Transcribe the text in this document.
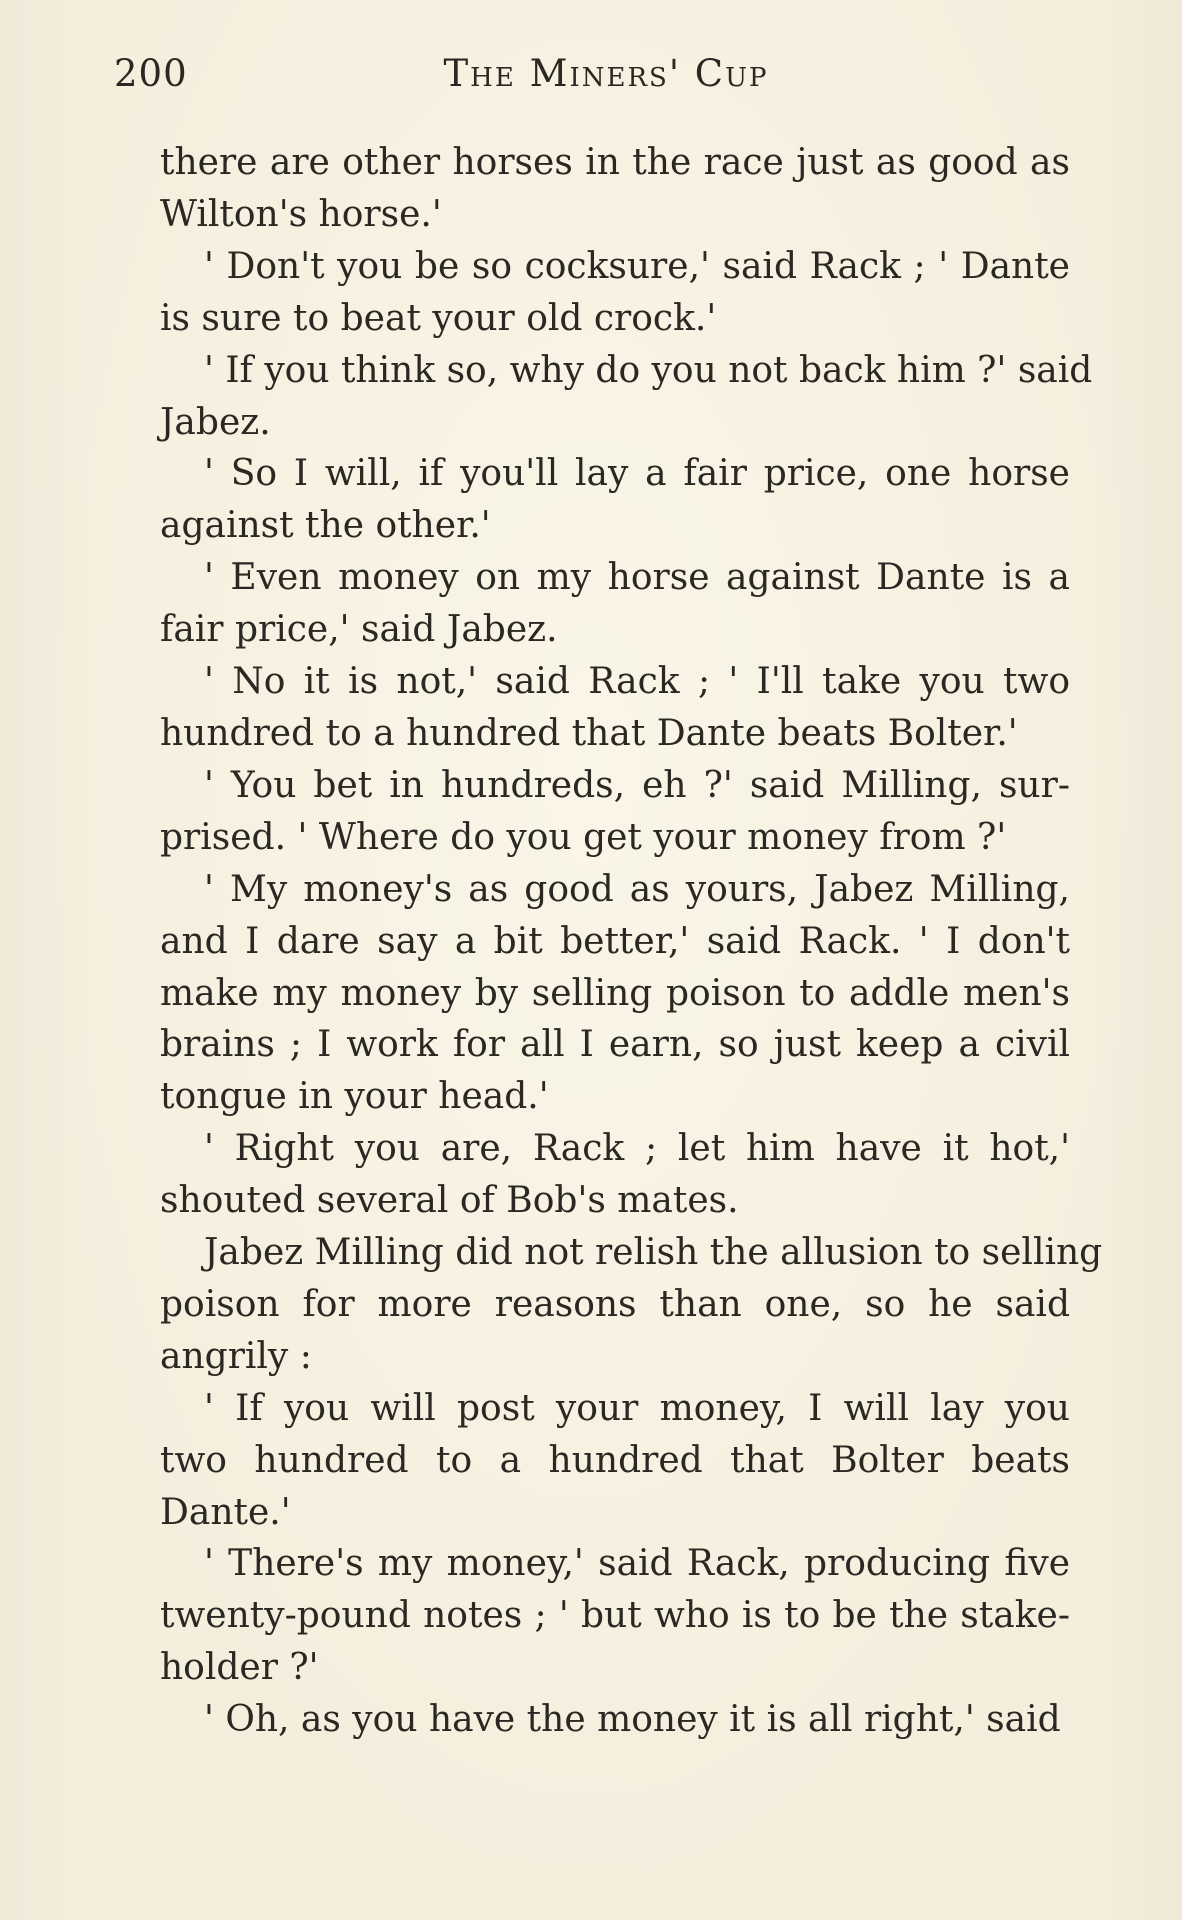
200	The Miners' Cup
there are other horses in the race just as good as
Wilton's horse.'
' Don't you be so cocksure,' said Rack ; ' Dante
is sure to beat your old crock.'
' If you think so, why do you not back him ?' said
Jabez.
' So I will, if you'll lay a fair price, one horse
against the other.'
' Even money on my horse against Dante is a
fair price,' said Jabez.
' No it is not,' said Rack ; ' I'll take you two
hundred to a hundred that Dante beats Bolter.'
' You bet in hundreds, eh ?' said Milling, sur-
prised. ' Where do you get your money from ?'
' My money's as good as yours, Jabez Milling,
and I dare say a bit better,' said Rack. ' I don't
make my money by selling poison to addle men's
brains ; I work for all I earn, so just keep a civil
tongue in your head.'
' Right you are, Rack ; let him have it hot,'
shouted several of Bob's mates.
Jabez Milling did not relish the allusion to selling
poison for more reasons than one, so he said
angrily :
' If you will post your money, I will lay you
two hundred to a hundred that Bolter beats
Dante.'
' There's my money,' said Rack, producing five
twenty-pound notes ; ' but who is to be the stake-
holder ?'
' Oh, as you have the money it is all right,' said
